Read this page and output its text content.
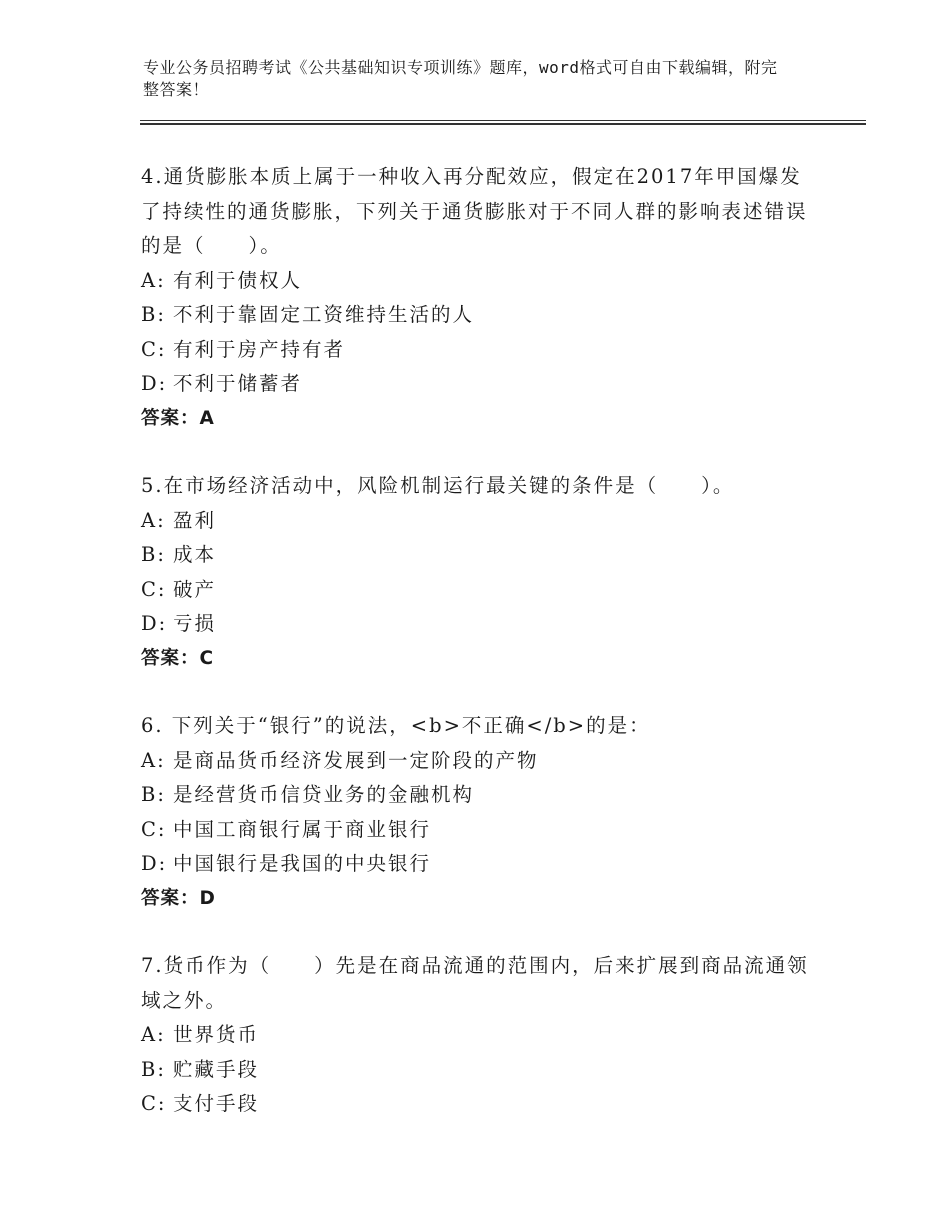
专业公务员招聘考试《公共基础知识专项训练》题库，word格式可自由下载编辑，附完整答案！
4.通货膨胀本质上属于一种收入再分配效应，假定在2017年甲国爆发了持续性的通货膨胀，下列关于通货膨胀对于不同人群的影响表述错误的是（　　）。
A: 有利于债权人
B: 不利于靠固定工资维持生活的人
C: 有利于房产持有者
D: 不利于储蓄者
答案：A
5.在市场经济活动中，风险机制运行最关键的条件是（　　）。
A: 盈利
B: 成本
C: 破产
D: 亏损
答案：C
6. 下列关于“银行”的说法，<b>不正确</b>的是：
A: 是商品货币经济发展到一定阶段的产物
B: 是经营货币信贷业务的金融机构
C: 中国工商银行属于商业银行
D: 中国银行是我国的中央银行
答案：D
7.货币作为（　　）先是在商品流通的范围内，后来扩展到商品流通领域之外。
A: 世界货币
B: 贮藏手段
C: 支付手段
